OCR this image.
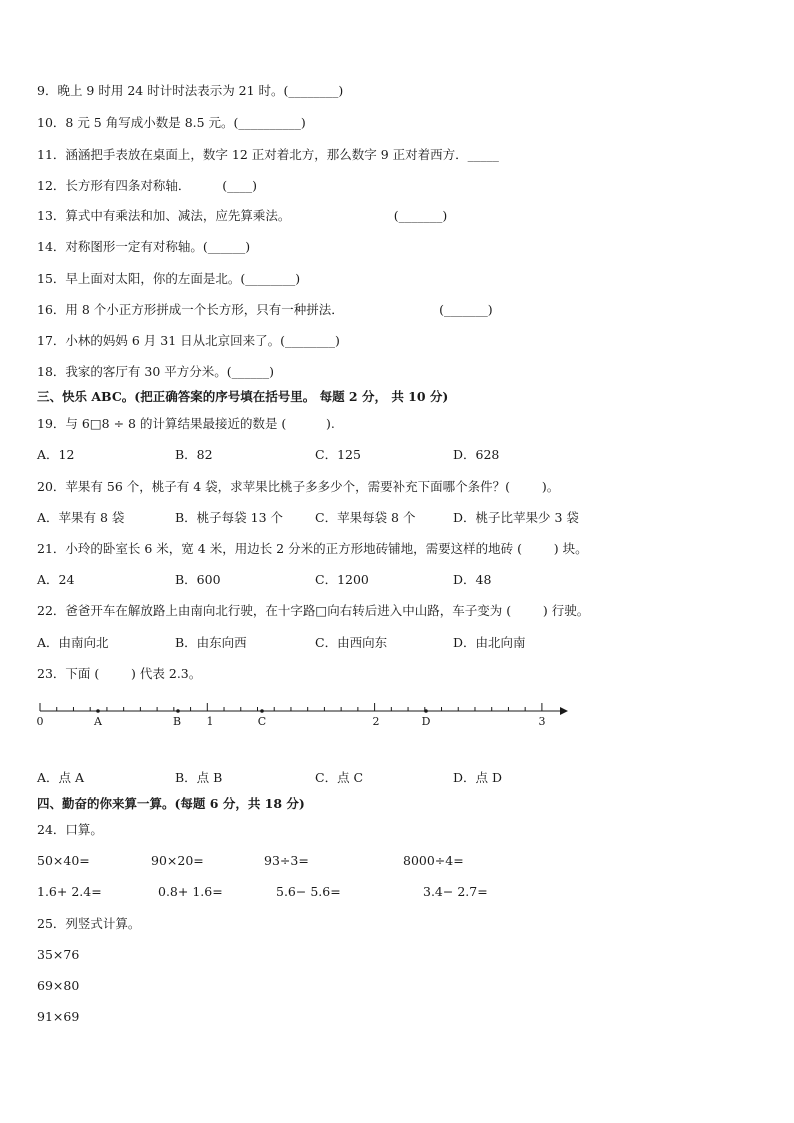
9．晚上 9 时用 24 时计时法表示为 21 时。(________)
10．8 元 5 角写成小数是 8.5 元。(__________)
11．涵涵把手表放在桌面上，数字 12 正对着北方，那么数字 9 正对着西方．_____
12．长方形有四条对称轴．        (____)
13．算式中有乘法和加、减法，应先算乘法。                          (_______)
14．对称图形一定有对称轴。(______)
15．早上面对太阳，你的左面是北。(________)
16．用 8 个小正方形拼成一个长方形，只有一种拼法．                        (_______)
17．小林的妈妈 6 月 31 日从北京回来了。(________)
18．我家的客厅有 30 平方分米。(______)
三、快乐 ABC。(把正确答案的序号填在括号里。 每题 2 分， 共 10 分)
19．与 6□8 ÷ 8 的计算结果最接近的数是 (          ).
A．12	B．82	C．125	D．628
20．苹果有 56 个，桃子有 4 袋，求苹果比桃子多多少个，需要补充下面哪个条件？(        )。
A．苹果有 8 袋	B．桃子每袋 13 个	C．苹果每袋 8 个	D．桃子比苹果少 3 袋
21．小玲的卧室长 6 米，宽 4 米，用边长 2 分米的正方形地砖铺地，需要这样的地砖 (        ) 块。
A．24	B．600	C．1200	D．48
22．爸爸开车在解放路上由南向北行驶，在十字路□向右转后进入中山路，车子变为 (        ) 行驶。
A．由南向北	B．由东向西	C．由西向东	D．由北向南
23．下面 (        ) 代表 2.3。
0	A	B 1	C	2	D	3
A．点 A	B．点 B	C．点 C	D．点 D
四、勤奋的你来算一算。(每题 6 分，共 18 分)
24．口算。
50×40=	90×20=	93÷3=	8000÷4=
1.6+ 2.4=	0.8+ 1.6=	5.6− 5.6=	3.4− 2.7=
25．列竖式计算。
35×76
69×80
91×69
